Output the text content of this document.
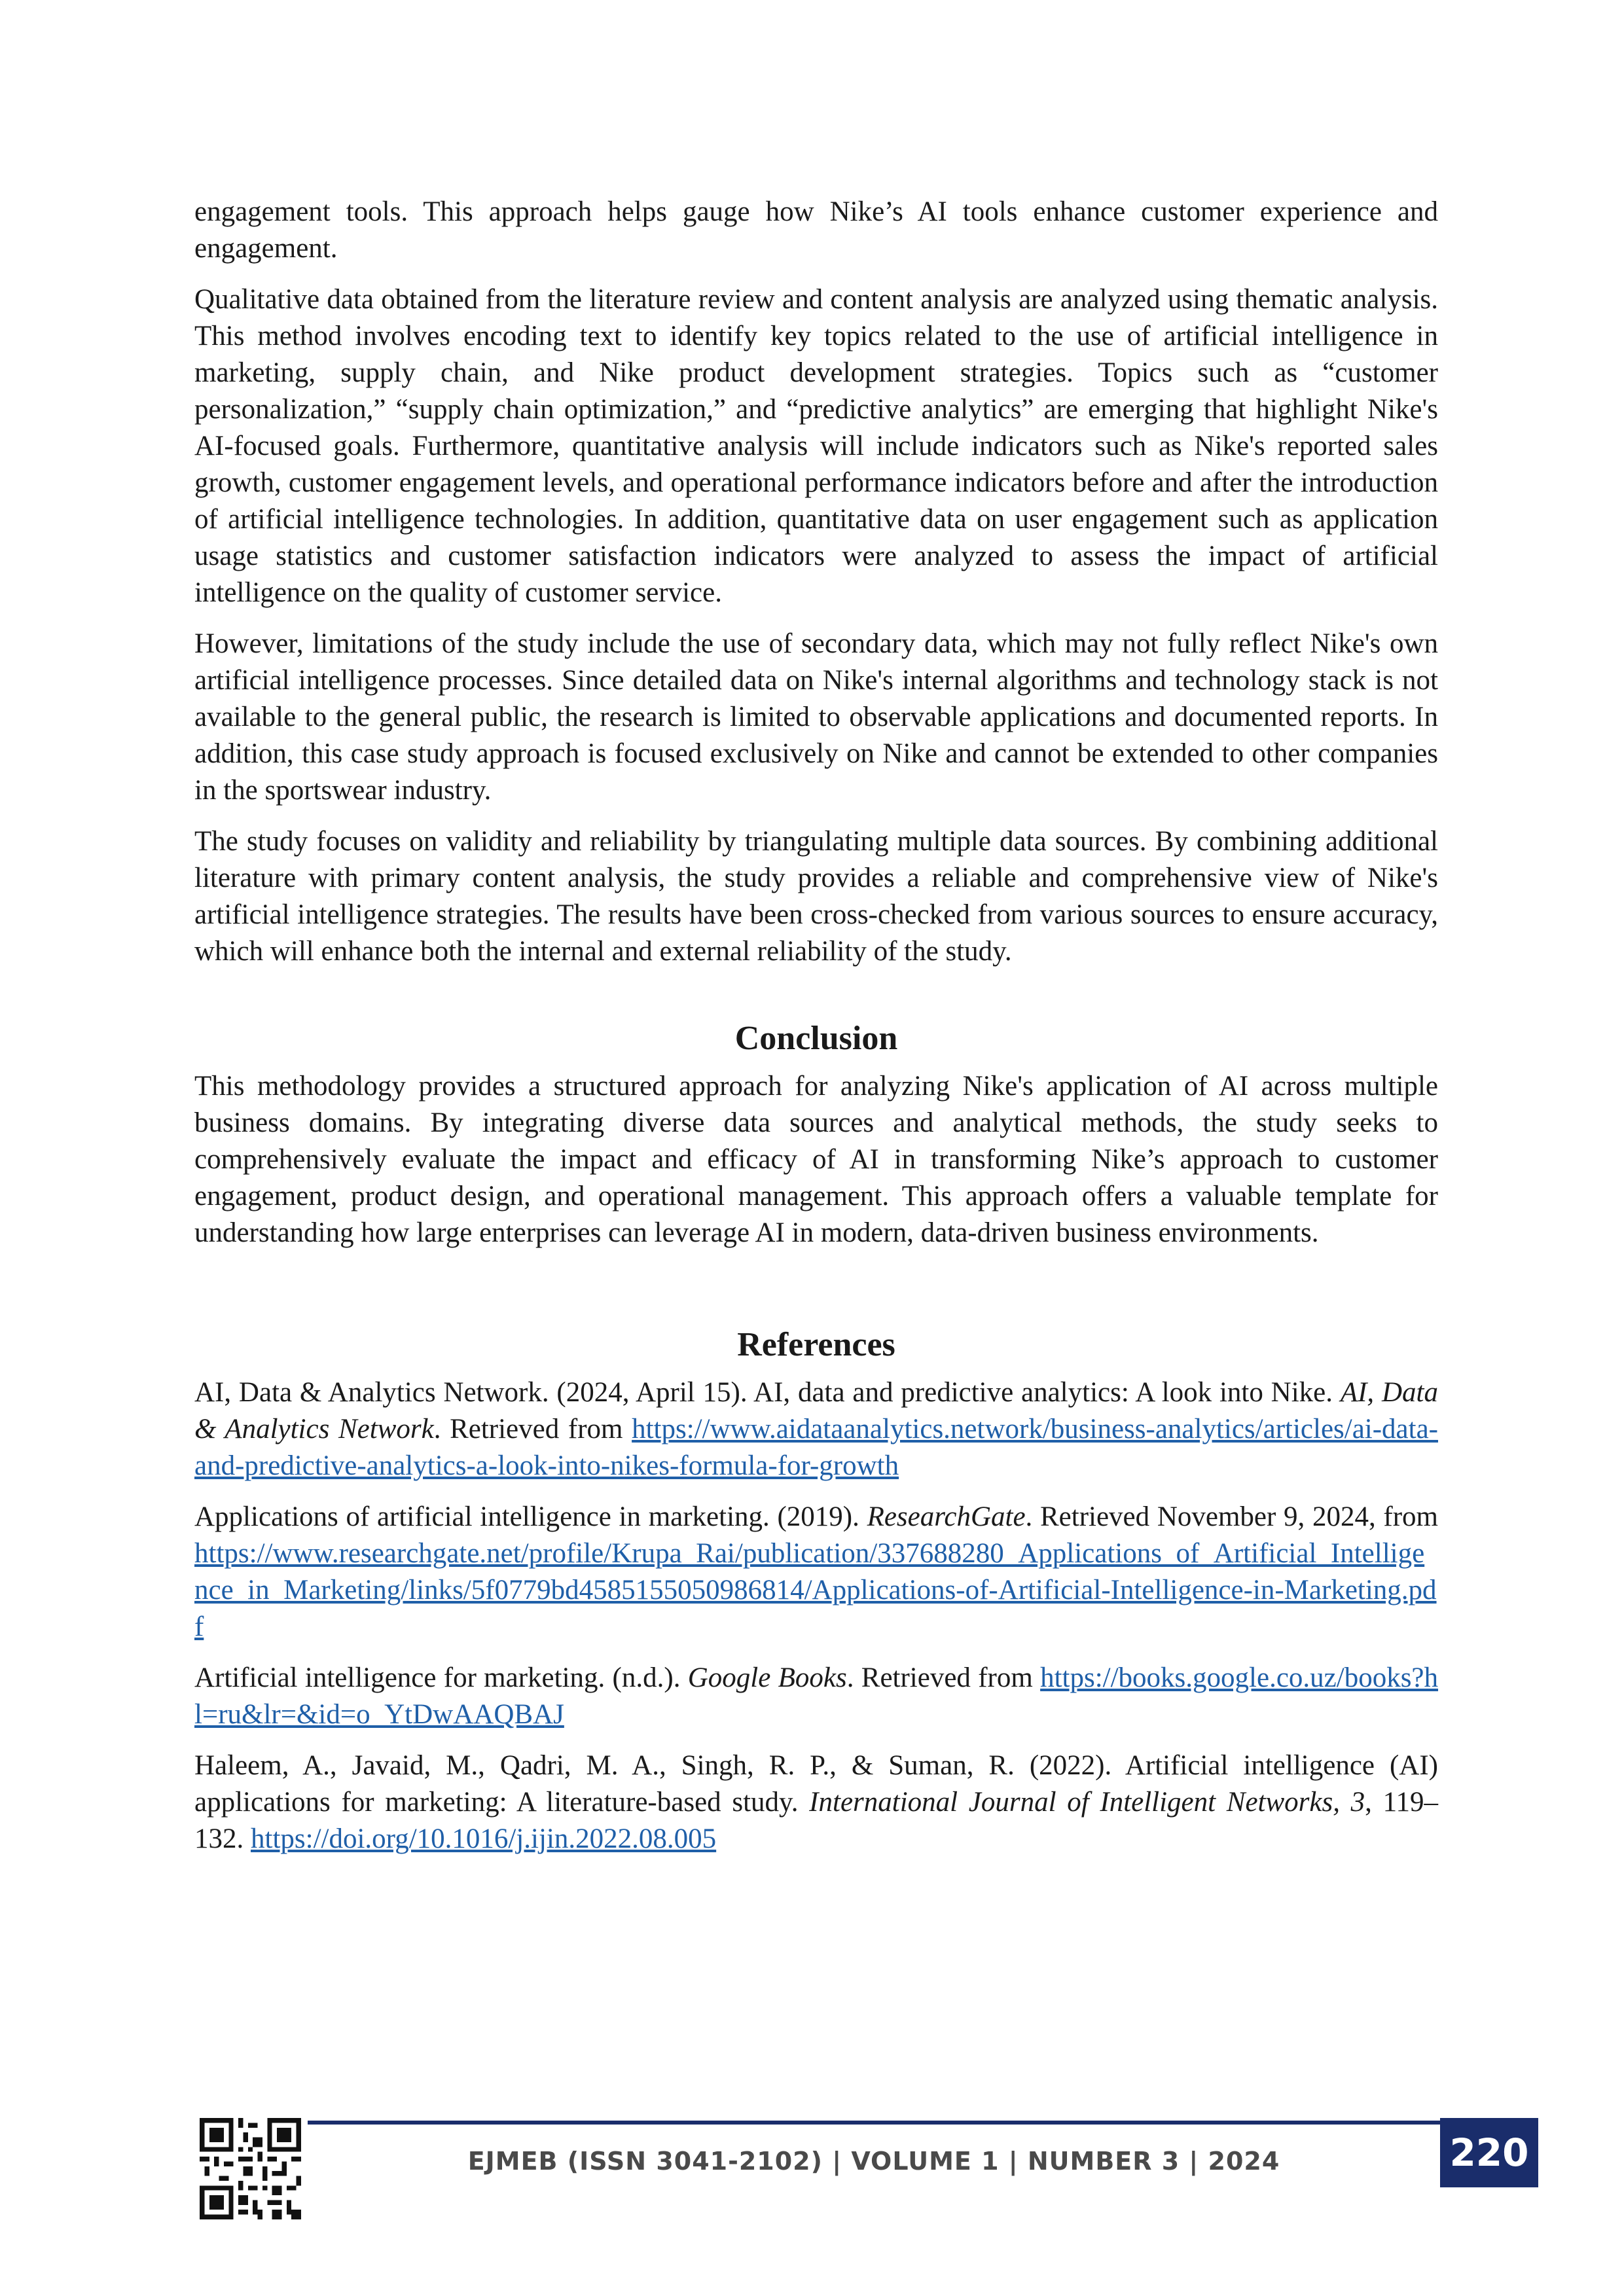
engagement tools. This approach helps gauge how Nike’s AI tools enhance customer experience and engagement.

Qualitative data obtained from the literature review and content analysis are analyzed using thematic analysis. This method involves encoding text to identify key topics related to the use of artificial intelligence in marketing, supply chain, and Nike product development strategies. Topics such as “customer personalization,” “supply chain optimization,” and “predictive analytics” are emerging that highlight Nike's AI-focused goals. Furthermore, quantitative analysis will include indicators such as Nike's reported sales growth, customer engagement levels, and operational performance indicators before and after the introduction of artificial intelligence technologies. In addition, quantitative data on user engagement such as application usage statistics and customer satisfaction indicators were analyzed to assess the impact of artificial intelligence on the quality of customer service.

However, limitations of the study include the use of secondary data, which may not fully reflect Nike's own artificial intelligence processes. Since detailed data on Nike's internal algorithms and technology stack is not available to the general public, the research is limited to observable applications and documented reports. In addition, this case study approach is focused exclusively on Nike and cannot be extended to other companies in the sportswear industry.

The study focuses on validity and reliability by triangulating multiple data sources. By combining additional literature with primary content analysis, the study provides a reliable and comprehensive view of Nike's artificial intelligence strategies. The results have been cross-checked from various sources to ensure accuracy, which will enhance both the internal and external reliability of the study.

Conclusion

This methodology provides a structured approach for analyzing Nike's application of AI across multiple business domains. By integrating diverse data sources and analytical methods, the study seeks to comprehensively evaluate the impact and efficacy of AI in transforming Nike’s approach to customer engagement, product design, and operational management. This approach offers a valuable template for understanding how large enterprises can leverage AI in modern, data-driven business environments.

References
AI, Data & Analytics Network. (2024, April 15). AI, data and predictive analytics: A look into Nike. AI, Data & Analytics Network. Retrieved from https://www.aidataanalytics.network/business-analytics/articles/ai-data-and-predictive-analytics-a-look-into-nikes-formula-for-growth
Applications of artificial intelligence in marketing. (2019). ResearchGate. Retrieved November 9, 2024, from https://www.researchgate.net/profile/Krupa_Rai/publication/337688280_Applications_of_Artificial_Intelligence_in_Marketing/links/5f0779bd4585155050986814/Applications-of-Artificial-Intelligence-in-Marketing.pdf
Artificial intelligence for marketing. (n.d.). Google Books. Retrieved from https://books.google.co.uz/books?hl=ru&lr=&id=o_YtDwAAQBAJ
Haleem, A., Javaid, M., Qadri, M. A., Singh, R. P., & Suman, R. (2022). Artificial intelligence (AI) applications for marketing: A literature-based study. International Journal of Intelligent Networks, 3, 119–132. https://doi.org/10.1016/j.ijin.2022.08.005
220
EJMEB (ISSN 3041-2102) | VOLUME 1 | NUMBER 3 | 2024
